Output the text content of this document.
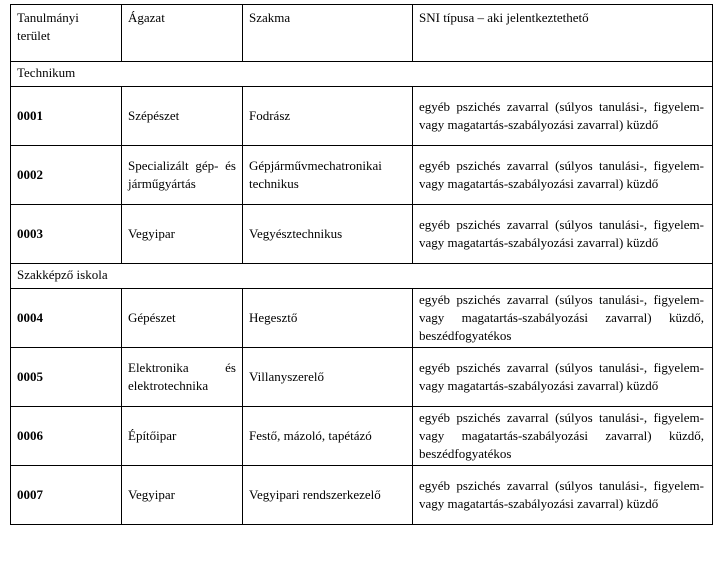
Tanulmányi terület	Ágazat	Szakma	SNI típusa – aki jelentkeztethető
Technikum			
0001	Szépészet	Fodrász	egyéb pszichés zavarral (súlyos tanulási-, figyelem- vagy magatartás-szabályozási zavarral) küzdő
0002	Specializált gép- és járműgyártás	Gépjárművmechatronikai technikus	egyéb pszichés zavarral (súlyos tanulási-, figyelem- vagy magatartás-szabályozási zavarral) küzdő
0003	Vegyipar	Vegyésztechnikus	egyéb pszichés zavarral (súlyos tanulási-, figyelem- vagy magatartás-szabályozási zavarral) küzdő
Szakképző iskola			
0004	Gépészet	Hegesztő	egyéb pszichés zavarral (súlyos tanulási-, figyelem- vagy magatartás-szabályozási zavarral) küzdő, beszédfogyatékos
0005	Elektronika és elektrotechnika	Villanyszerelő	egyéb pszichés zavarral (súlyos tanulási-, figyelem- vagy magatartás-szabályozási zavarral) küzdő
0006	Építőipar	Festő, mázoló, tapétázó	egyéb pszichés zavarral (súlyos tanulási-, figyelem- vagy magatartás-szabályozási zavarral) küzdő, beszédfogyatékos
0007	Vegyipar	Vegyipari rendszerkezelő	egyéb pszichés zavarral (súlyos tanulási-, figyelem- vagy magatartás-szabályozási zavarral) küzdő
